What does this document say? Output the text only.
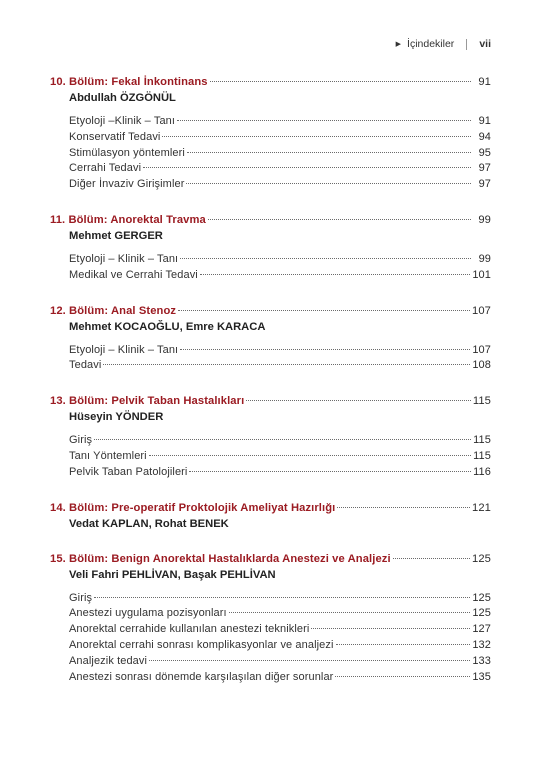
▶ İçindekiler vii
10. Bölüm: Fekal İnkontinans	91
Abdullah ÖZGÖNÜL
Etyoloji –Klinik – Tanı	91
Konservatif Tedavi	94
Stimülasyon yöntemleri	95
Cerrahi Tedavi	97
Diğer İnvaziv Girişimler	97
11. Bölüm: Anorektal Travma	99
Mehmet GERGER
Etyoloji – Klinik – Tanı	99
Medikal ve Cerrahi Tedavi	101
12. Bölüm: Anal Stenoz	107
Mehmet KOCAOĞLU, Emre KARACA
Etyoloji – Klinik – Tanı	107
Tedavi	108
13. Bölüm: Pelvik Taban Hastalıkları	115
Hüseyin YÖNDER
Giriş	115
Tanı Yöntemleri	115
Pelvik Taban Patolojileri	116
14. Bölüm: Pre-operatif Proktolojik Ameliyat Hazırlığı	121
Vedat KAPLAN, Rohat BENEK
15. Bölüm: Benign Anorektal Hastalıklarda Anestezi ve Analjezi	125
Veli Fahri PEHLİVAN, Başak PEHLİVAN
Giriş	125
Anestezi uygulama pozisyonları	125
Anorektal cerrahide kullanılan anestezi teknikleri	127
Anorektal cerrahi sonrası komplikasyonlar ve analjezi	132
Analjezik tedavi	133
Anestezi sonrası dönemde karşılaşılan diğer sorunlar	135
